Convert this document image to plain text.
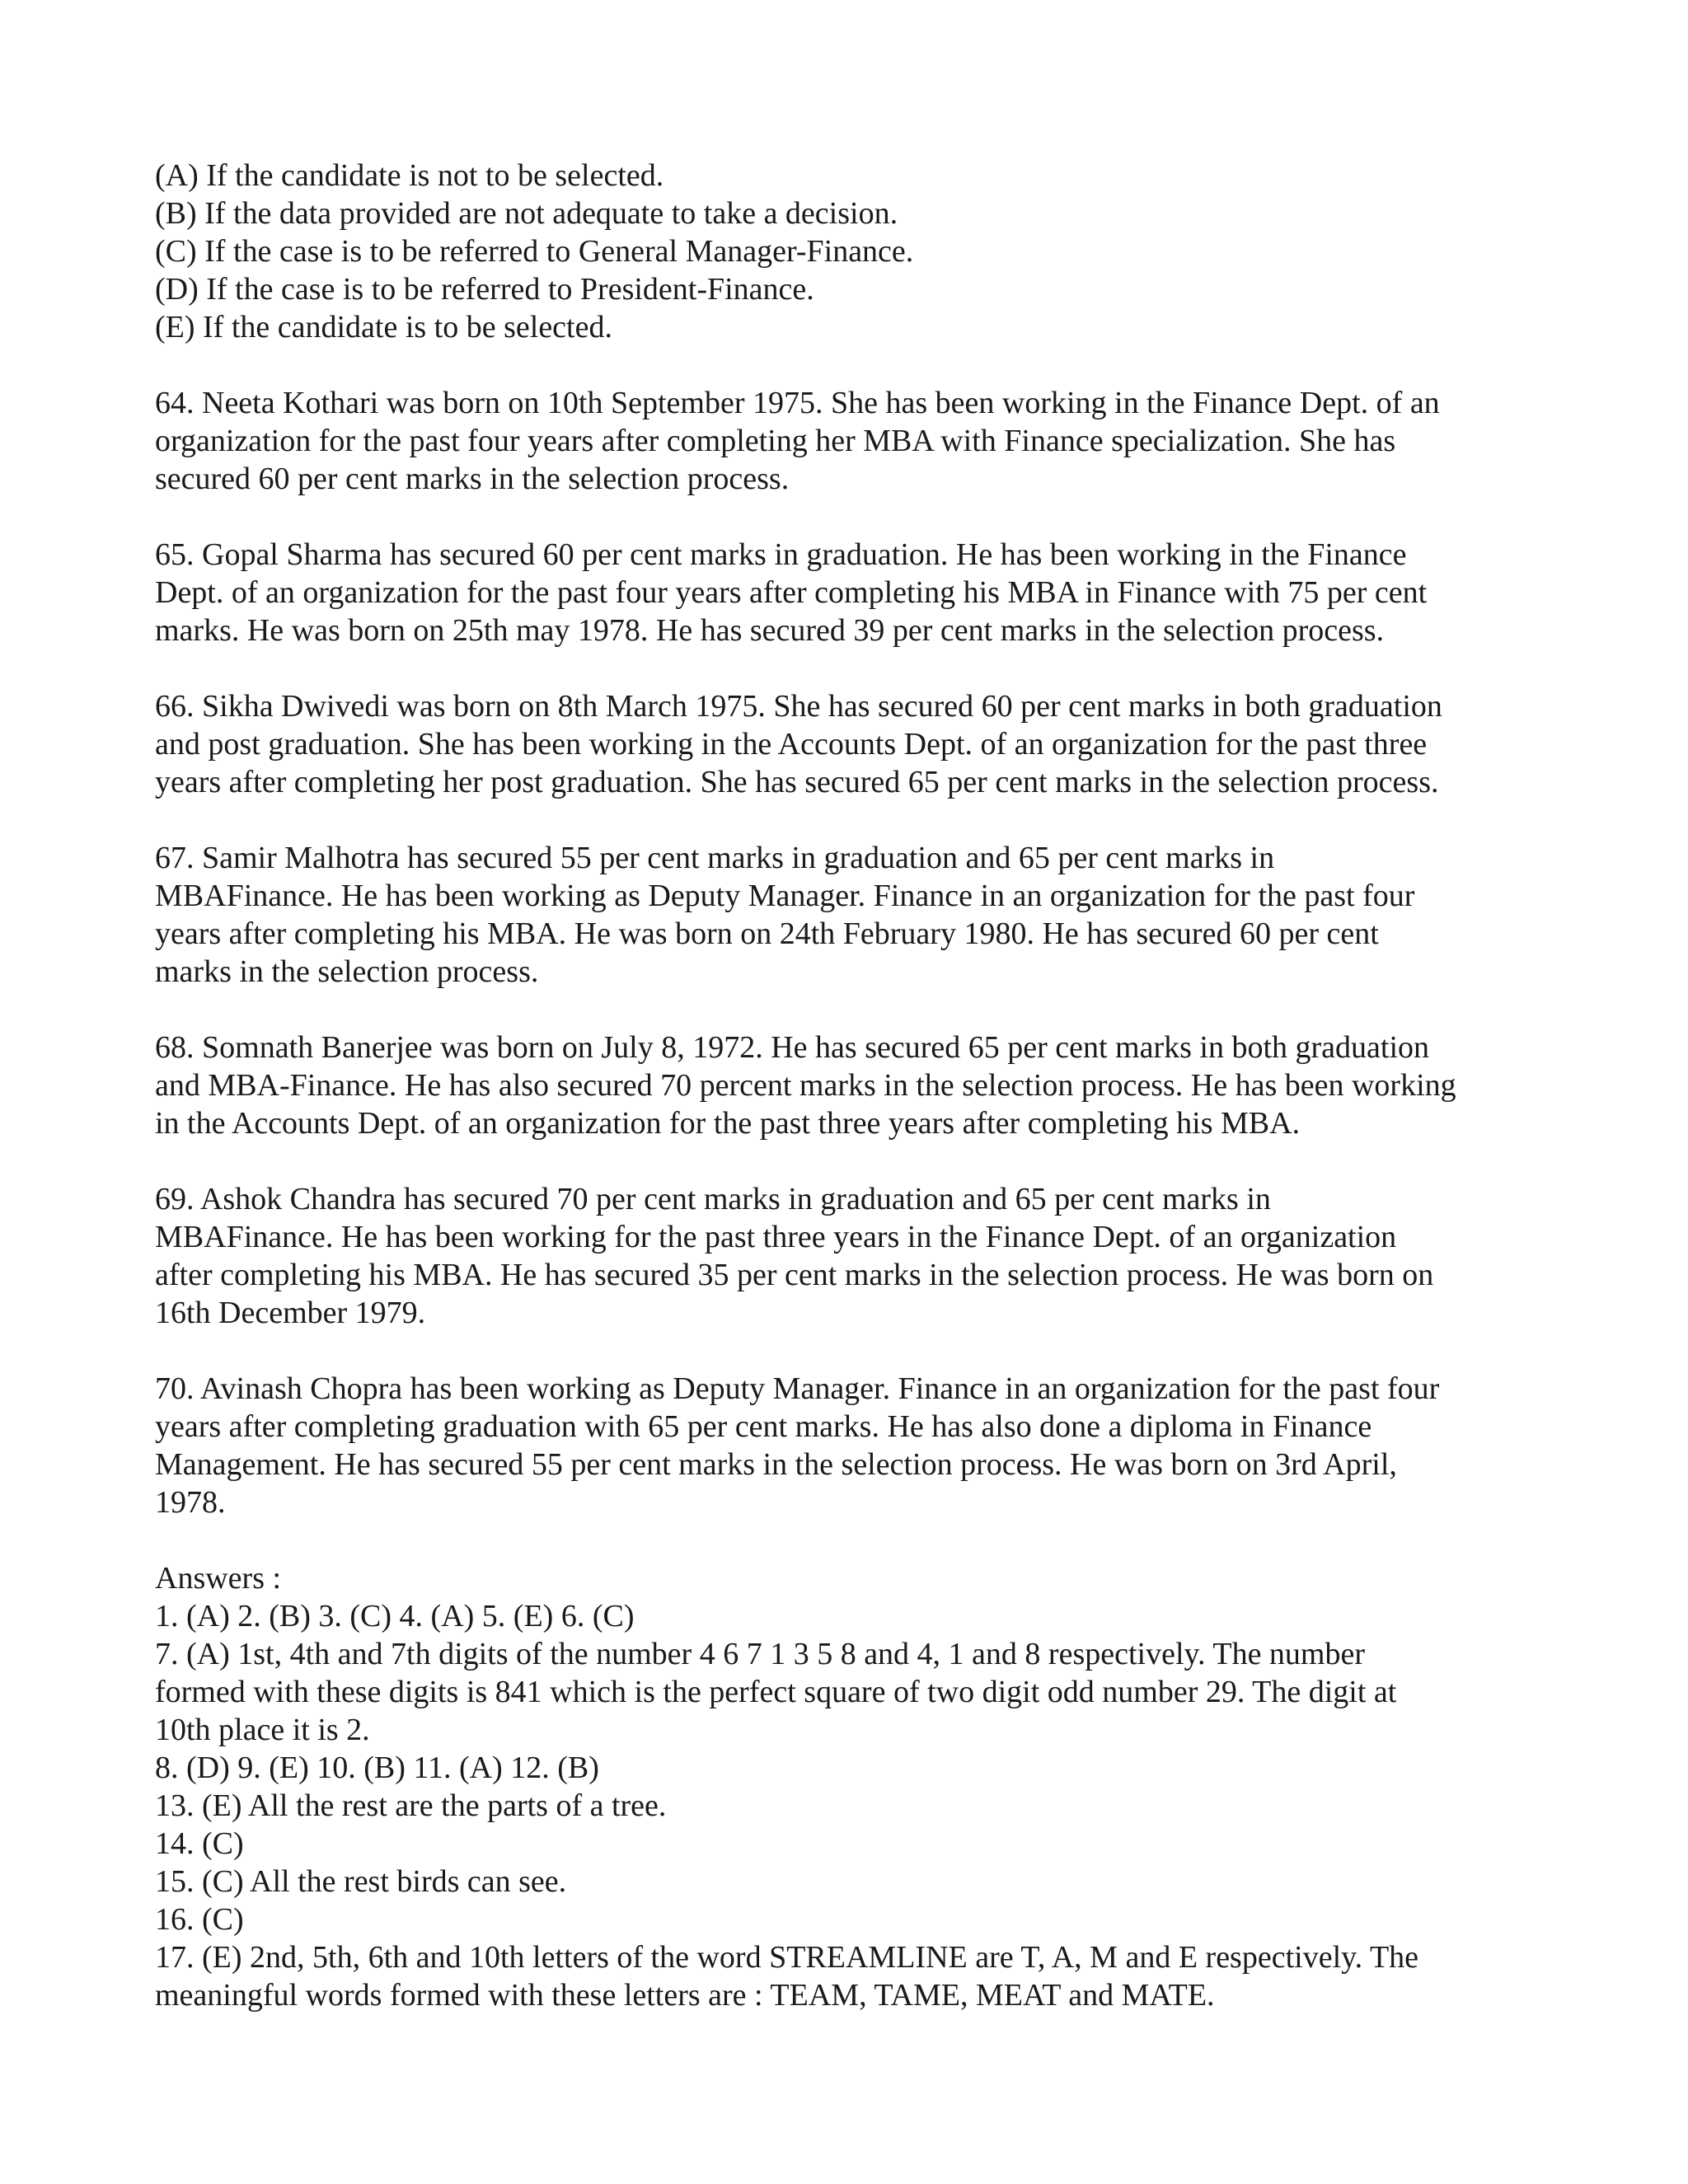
(A) If the candidate is not to be selected.
(B) If the data provided are not adequate to take a decision.
(C) If the case is to be referred to General Manager-Finance.
(D) If the case is to be referred to President-Finance.
(E) If the candidate is to be selected.
64. Neeta Kothari was born on 10th September 1975. She has been working in the Finance Dept. of an
organization for the past four years after completing her MBA with Finance specialization. She has
secured 60 per cent marks in the selection process.
65. Gopal Sharma has secured 60 per cent marks in graduation. He has been working in the Finance
Dept. of an organization for the past four years after completing his MBA in Finance with 75 per cent
marks. He was born on 25th may 1978. He has secured 39 per cent marks in the selection process.
66. Sikha Dwivedi was born on 8th March 1975. She has secured 60 per cent marks in both graduation
and post graduation. She has been working in the Accounts Dept. of an organization for the past three
years after completing her post graduation. She has secured 65 per cent marks in the selection process.
67. Samir Malhotra has secured 55 per cent marks in graduation and 65 per cent marks in
MBAFinance. He has been working as Deputy Manager. Finance in an organization for the past four
years after completing his MBA. He was born on 24th February 1980. He has secured 60 per cent
marks in the selection process.
68. Somnath Banerjee was born on July 8, 1972. He has secured 65 per cent marks in both graduation
and MBA-Finance. He has also secured 70 percent marks in the selection process. He has been working
in the Accounts Dept. of an organization for the past three years after completing his MBA.
69. Ashok Chandra has secured 70 per cent marks in graduation and 65 per cent marks in
MBAFinance. He has been working for the past three years in the Finance Dept. of an organization
after completing his MBA. He has secured 35 per cent marks in the selection process. He was born on
16th December 1979.
70. Avinash Chopra has been working as Deputy Manager. Finance in an organization for the past four
years after completing graduation with 65 per cent marks. He has also done a diploma in Finance
Management. He has secured 55 per cent marks in the selection process. He was born on 3rd April,
1978.
Answers :
1. (A) 2. (B) 3. (C) 4. (A) 5. (E) 6. (C)
7. (A) 1st, 4th and 7th digits of the number 4 6 7 1 3 5 8 and 4, 1 and 8 respectively. The number
formed with these digits is 841 which is the perfect square of two digit odd number 29. The digit at
10th place it is 2.
8. (D) 9. (E) 10. (B) 11. (A) 12. (B)
13. (E) All the rest are the parts of a tree.
14. (C)
15. (C) All the rest birds can see.
16. (C)
17. (E) 2nd, 5th, 6th and 10th letters of the word STREAMLINE are T, A, M and E respectively. The
meaningful words formed with these letters are : TEAM, TAME, MEAT and MATE.
